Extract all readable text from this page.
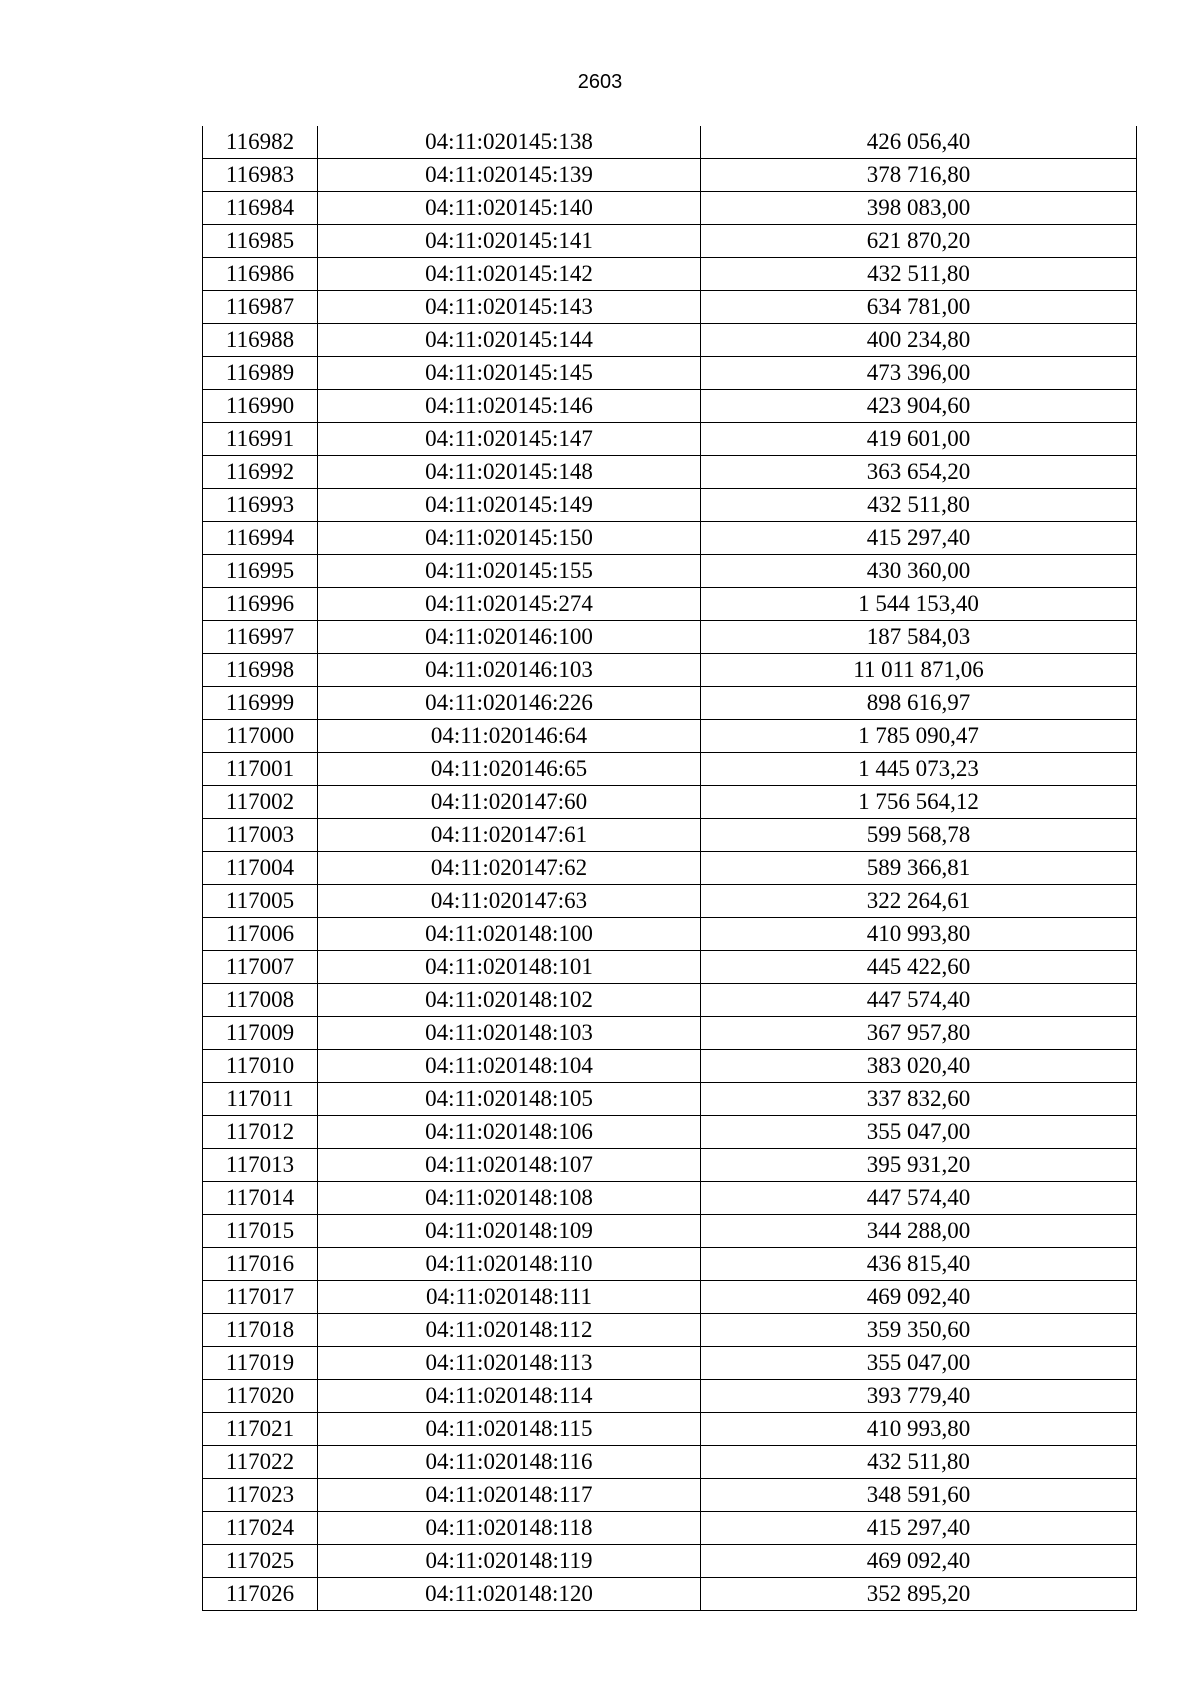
2603
116982	04:11:020145:138	426 056,40
116983	04:11:020145:139	378 716,80
116984	04:11:020145:140	398 083,00
116985	04:11:020145:141	621 870,20
116986	04:11:020145:142	432 511,80
116987	04:11:020145:143	634 781,00
116988	04:11:020145:144	400 234,80
116989	04:11:020145:145	473 396,00
116990	04:11:020145:146	423 904,60
116991	04:11:020145:147	419 601,00
116992	04:11:020145:148	363 654,20
116993	04:11:020145:149	432 511,80
116994	04:11:020145:150	415 297,40
116995	04:11:020145:155	430 360,00
116996	04:11:020145:274	1 544 153,40
116997	04:11:020146:100	187 584,03
116998	04:11:020146:103	11 011 871,06
116999	04:11:020146:226	898 616,97
117000	04:11:020146:64	1 785 090,47
117001	04:11:020146:65	1 445 073,23
117002	04:11:020147:60	1 756 564,12
117003	04:11:020147:61	599 568,78
117004	04:11:020147:62	589 366,81
117005	04:11:020147:63	322 264,61
117006	04:11:020148:100	410 993,80
117007	04:11:020148:101	445 422,60
117008	04:11:020148:102	447 574,40
117009	04:11:020148:103	367 957,80
117010	04:11:020148:104	383 020,40
117011	04:11:020148:105	337 832,60
117012	04:11:020148:106	355 047,00
117013	04:11:020148:107	395 931,20
117014	04:11:020148:108	447 574,40
117015	04:11:020148:109	344 288,00
117016	04:11:020148:110	436 815,40
117017	04:11:020148:111	469 092,40
117018	04:11:020148:112	359 350,60
117019	04:11:020148:113	355 047,00
117020	04:11:020148:114	393 779,40
117021	04:11:020148:115	410 993,80
117022	04:11:020148:116	432 511,80
117023	04:11:020148:117	348 591,60
117024	04:11:020148:118	415 297,40
117025	04:11:020148:119	469 092,40
117026	04:11:020148:120	352 895,20
